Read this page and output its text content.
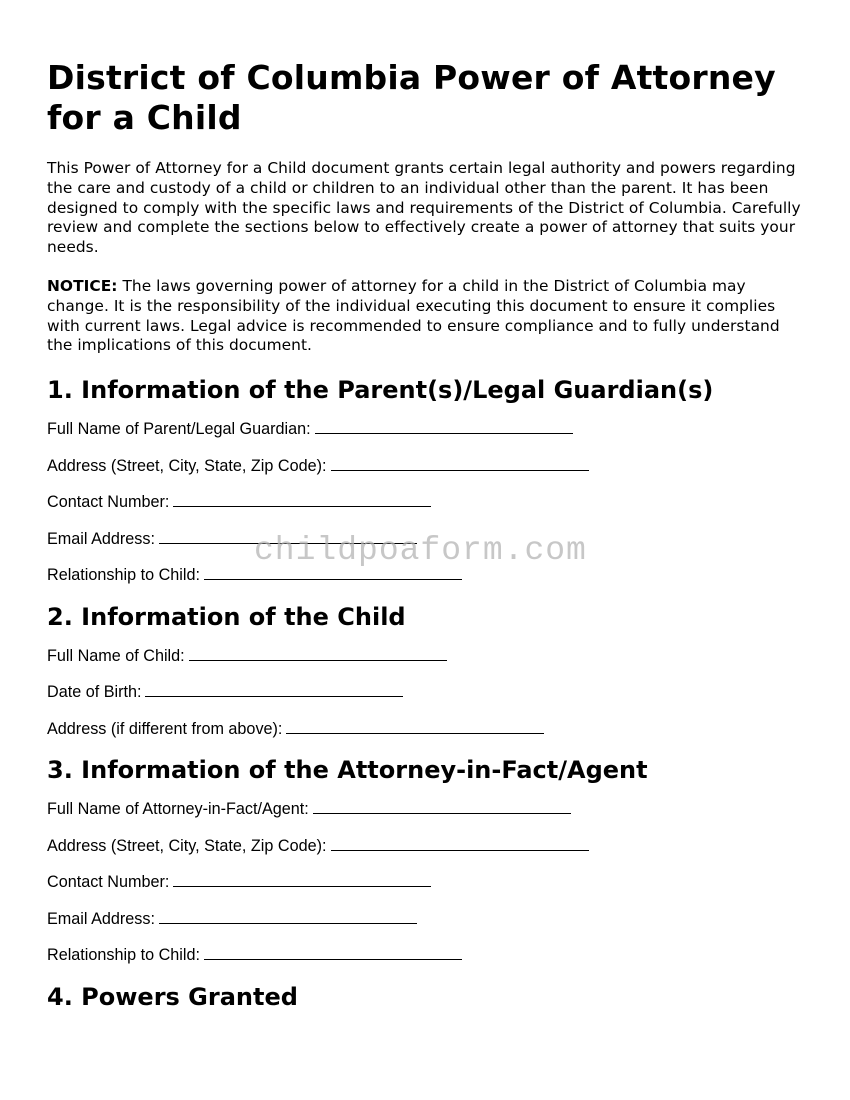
District of Columbia Power of Attorney for a Child

This Power of Attorney for a Child document grants certain legal authority and powers regarding the care and custody of a child or children to an individual other than the parent. It has been designed to comply with the specific laws and requirements of the District of Columbia. Carefully review and complete the sections below to effectively create a power of attorney that suits your needs.

NOTICE: The laws governing power of attorney for a child in the District of Columbia may change. It is the responsibility of the individual executing this document to ensure it complies with current laws. Legal advice is recommended to ensure compliance and to fully understand the implications of this document.

1. Information of the Parent(s)/Legal Guardian(s)
Full Name of Parent/Legal Guardian:
Address (Street, City, State, Zip Code):
Contact Number:
Email Address:
Relationship to Child:
2. Information of the Child
Full Name of Child:
Date of Birth:
Address (if different from above):
3. Information of the Attorney-in-Fact/Agent
Full Name of Attorney-in-Fact/Agent:
Address (Street, City, State, Zip Code):
Contact Number:
Email Address:
Relationship to Child:
4. Powers Granted
childpoaform.com
